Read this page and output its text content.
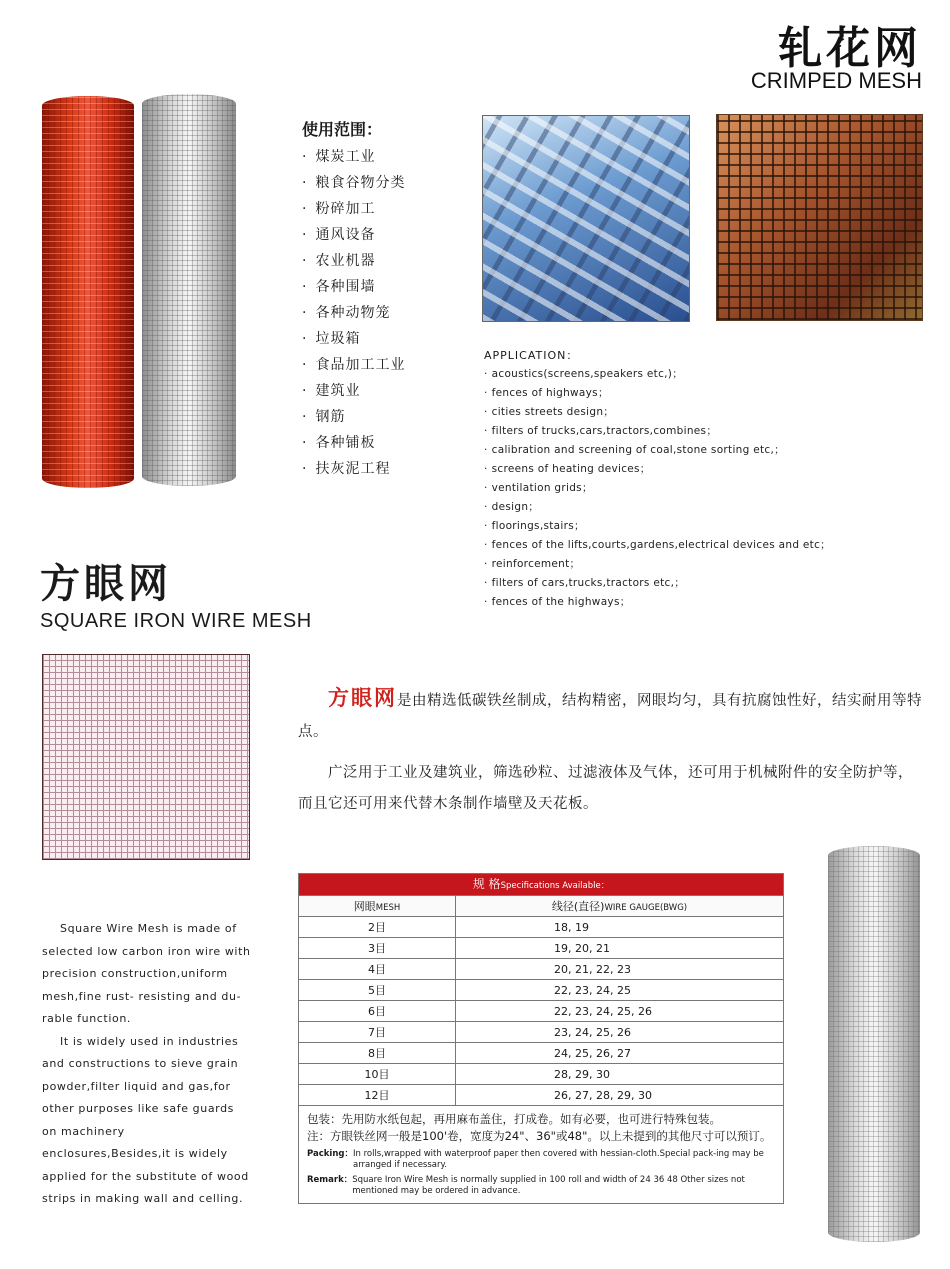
轧花网
CRIMPED MESH
使用范围：
· 煤炭工业
· 粮食谷物分类
· 粉碎加工
· 通风设备
· 农业机器
· 各种围墙
· 各种动物笼
· 垃圾箱
· 食品加工工业
· 建筑业
· 钢筋
· 各种铺板
· 扶灰泥工程
APPLICATION：
· acoustics(screens,speakers etc,)；
· fences of highways；
· cities streets design；
· filters of trucks,cars,tractors,combines；
· calibration and screening of coal,stone sorting etc,；
· screens of heating devices；
· ventilation grids；
· design；
· floorings,stairs；
· fences of the lifts,courts,gardens,electrical devices and etc；
· reinforcement；
· filters of cars,trucks,tractors etc,；
· fences of the highways；
方眼网
SQUARE IRON WIRE MESH

方眼网是由精选低碳铁丝制成，结构精密，网眼均匀，具有抗腐蚀性好，结实耐用等特点。

广泛用于工业及建筑业，筛选砂粒、过滤液体及气体，还可用于机械附件的安全防护等，而且它还可用来代替木条制作墙壁及天花板。

Square Wire Mesh is made of selected low carbon iron wire with precision construction,uniform mesh,fine rust- resisting and du-rable function.

It is widely used in industries and constructions to sieve grain powder,filter liquid and gas,for other purposes like safe guards on machinery enclosures,Besides,it is widely applied for the substitute of wood strips in making wall and celling.

规 格Specifications Available：
网眼MESH	线径(直径)WIRE GAUGE(BWG)
2目	18, 19
3目	19, 20, 21
4目	20, 21, 22, 23
5目	22, 23, 24, 25
6目	22, 23, 24, 25, 26
7目	23, 24, 25, 26
8目	24, 25, 26, 27
10目	28, 29, 30
12目	26, 27, 28, 29, 30

包装：先用防水纸包起，再用麻布盖住，打成卷。如有必要，也可进行特殊包装。

注：方眼铁丝网一般是100'卷，宽度为24"、36"或48"。以上未提到的其他尺寸可以预订。

Packing： In rolls,wrapped with waterproof paper then covered with hessian-cloth.Special pack-ing may be arranged if necessary.
Remark： Square Iron Wire Mesh is normally supplied in 100 roll and width of 24 36 48 Other sizes not mentioned may be ordered in advance.
